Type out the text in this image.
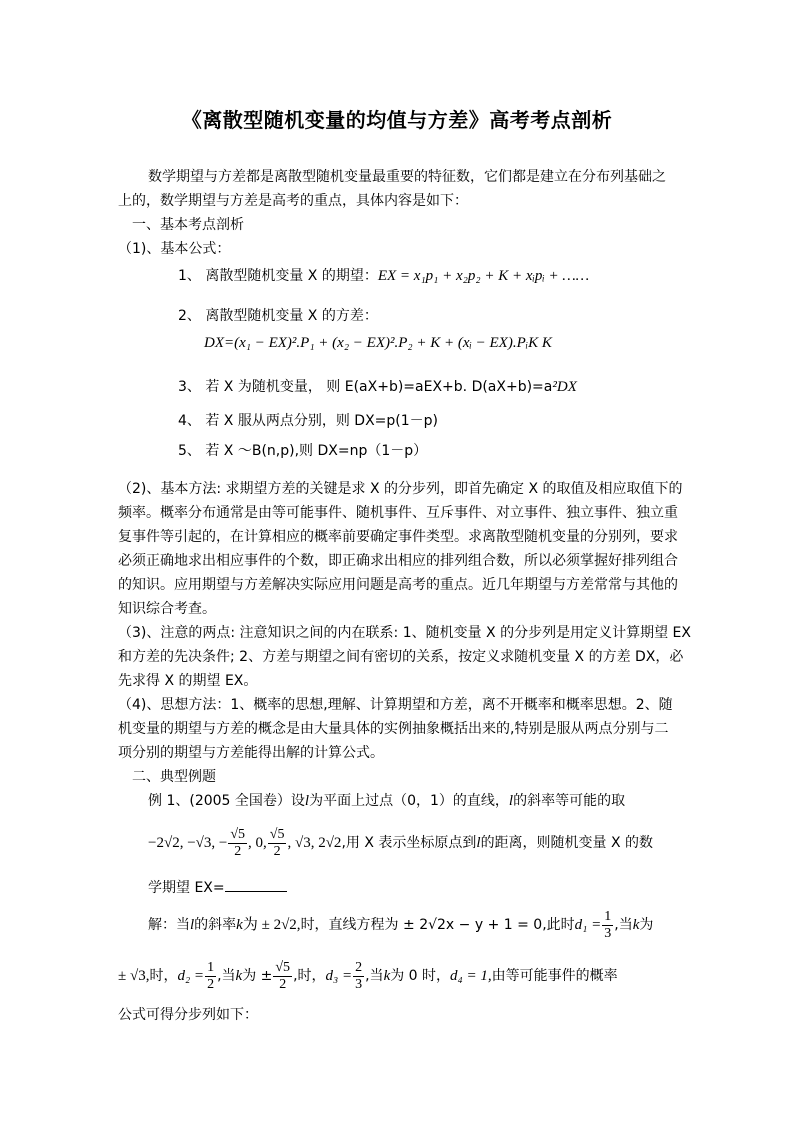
《离散型随机变量的均值与方差》高考考点剖析
数学期望与方差都是离散型随机变量最重要的特征数，它们都是建立在分布列基础之
上的，数学期望与方差是高考的重点，具体内容是如下：
一、基本考点剖析
（1)、基本公式：
1、 离散型随机变量 X 的期望：EX = x₁p₁ + x₂p₂ + K + xᵢpᵢ + ……
2、 离散型随机变量 X 的方差：
DX=(x₁ − EX)².P₁ + (x₂ − EX)².P₂ + K + (xᵢ − EX).PᵢK K
3、 若 X 为随机变量， 则 E(aX+b)=aEX+b. D(aX+b)=a²DX
4、 若 X 服从两点分别，则 DX=p(1－p)
5、 若 X ～B(n,p),则 DX=np（1－p）
（2)、基本方法: 求期望方差的关键是求 X 的分步列，即首先确定 X 的取值及相应取值下的
频率。概率分布通常是由等可能事件、随机事件、互斥事件、对立事件、独立事件、独立重
复事件等引起的，在计算相应的概率前要确定事件类型。求离散型随机变量的分别列，要求
必须正确地求出相应事件的个数，即正确求出相应的排列组合数，所以必须掌握好排列组合
的知识。应用期望与方差解决实际应用问题是高考的重点。近几年期望与方差常常与其他的
知识综合考查。
（3)、注意的两点: 注意知识之间的内在联系: 1、随机变量 X 的分步列是用定义计算期望 EX
和方差的先决条件; 2、方差与期望之间有密切的关系，按定义求随机变量 X 的方差 DX，必
先求得 X 的期望 EX。
（4)、思想方法：1、概率的思想,理解、计算期望和方差，离不开概率和概率思想。2、随
机变量的期望与方差的概念是由大量具体的实例抽象概括出来的,特别是服从两点分别与二
项分别的期望与方差能得出解的计算公式。
二、典型例题
例 1、(2005 全国卷）设l为平面上过点（0，1）的直线，l的斜率等可能的取
−2√2, −√3, − $\frac{√5}{2}$ , 0, $\frac{√5}{2}$ , √3, 2√2,用 X 表示坐标原点到l的距离，则随机变量 X 的数
学期望 EX=
解：当l的斜率k为 ± 2√2,时，直线方程为 ± 2√2x − y + 1 = 0,此时$d_1 = \frac{1}{3}$ ,当k为
± √3,时，$d_2 = \frac{1}{2}$ ,当k为 ± $\frac{√5}{2}$ ,时，$d_3 = \frac{2}{3}$ ,当k为 0 时，d₄ = 1,由等可能事件的概率
公式可得分步列如下：
